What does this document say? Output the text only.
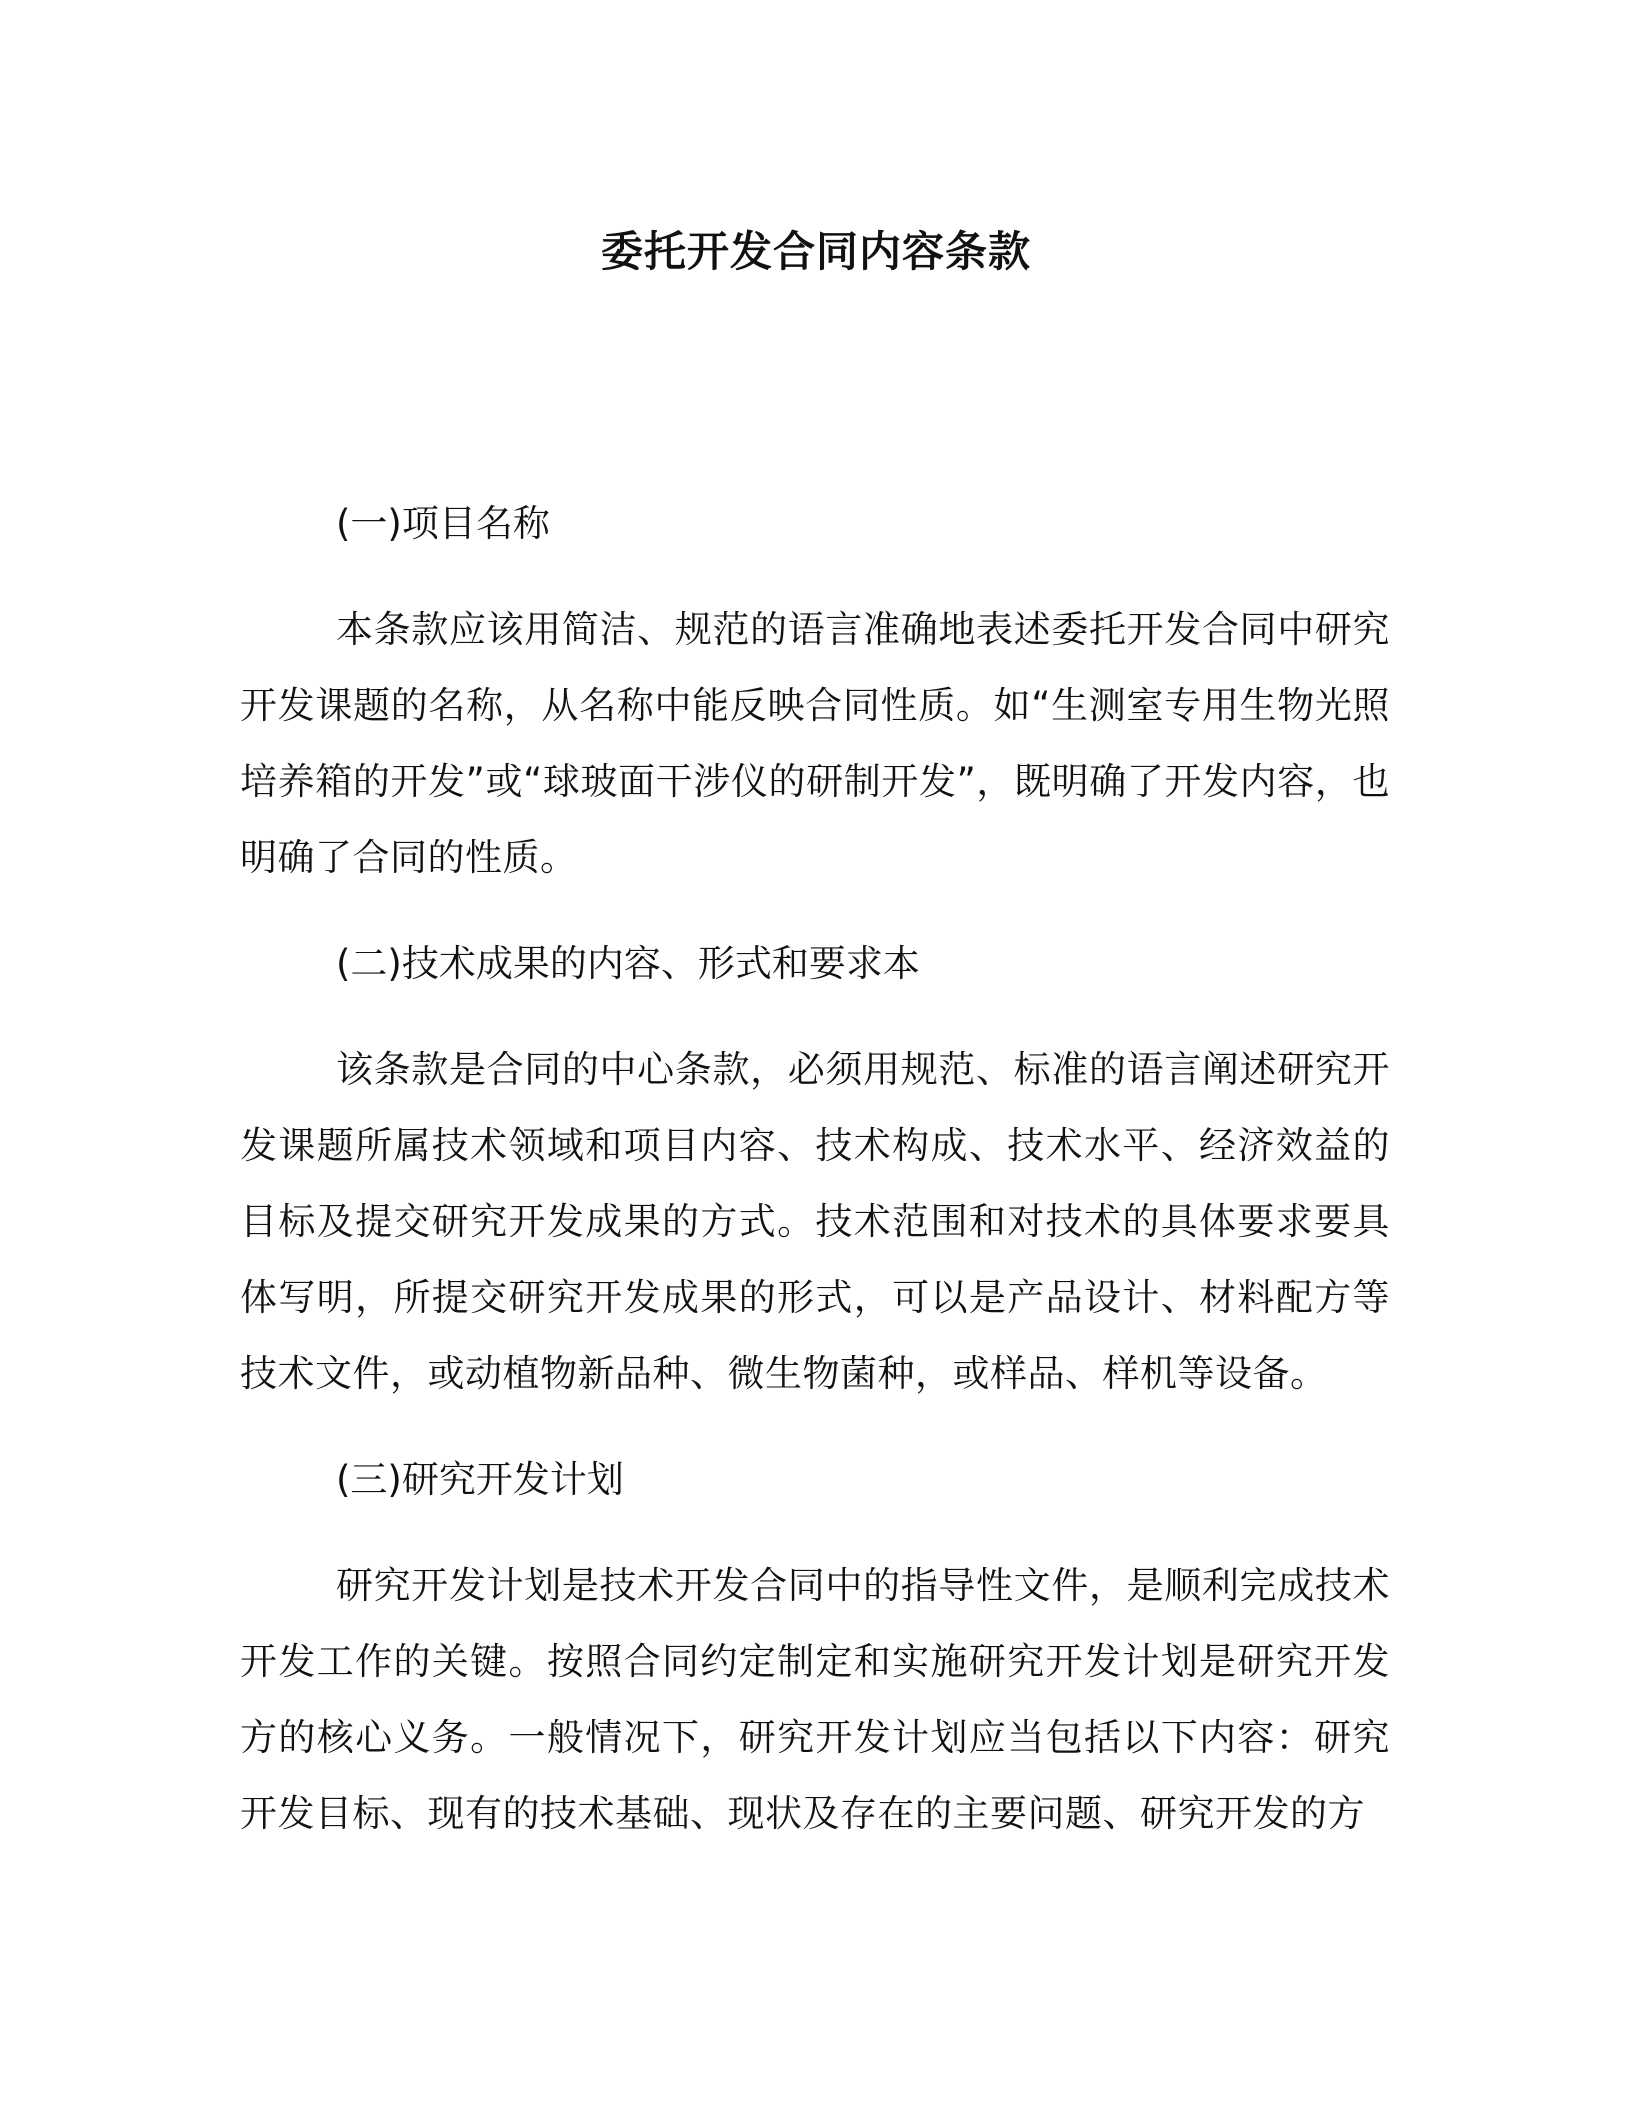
委托开发合同内容条款
(一)项目名称
本条款应该用简洁、规范的语言准确地表述委托开发合同中研究开发课题的名称，从名称中能反映合同性质。如“生测室专用生物光照培养箱的开发”或“球玻面干涉仪的研制开发”，既明确了开发内容，也明确了合同的性质。
(二)技术成果的内容、形式和要求本
该条款是合同的中心条款，必须用规范、标准的语言阐述研究开发课题所属技术领域和项目内容、技术构成、技术水平、经济效益的目标及提交研究开发成果的方式。技术范围和对技术的具体要求要具体写明，所提交研究开发成果的形式，可以是产品设计、材料配方等技术文件，或动植物新品种、微生物菌种，或样品、样机等设备。
(三)研究开发计划
研究开发计划是技术开发合同中的指导性文件，是顺利完成技术开发工作的关键。按照合同约定制定和实施研究开发计划是研究开发方的核心义务。一般情况下，研究开发计划应当包括以下内容：研究开发目标、现有的技术基础、现状及存在的主要问题、研究开发的方
